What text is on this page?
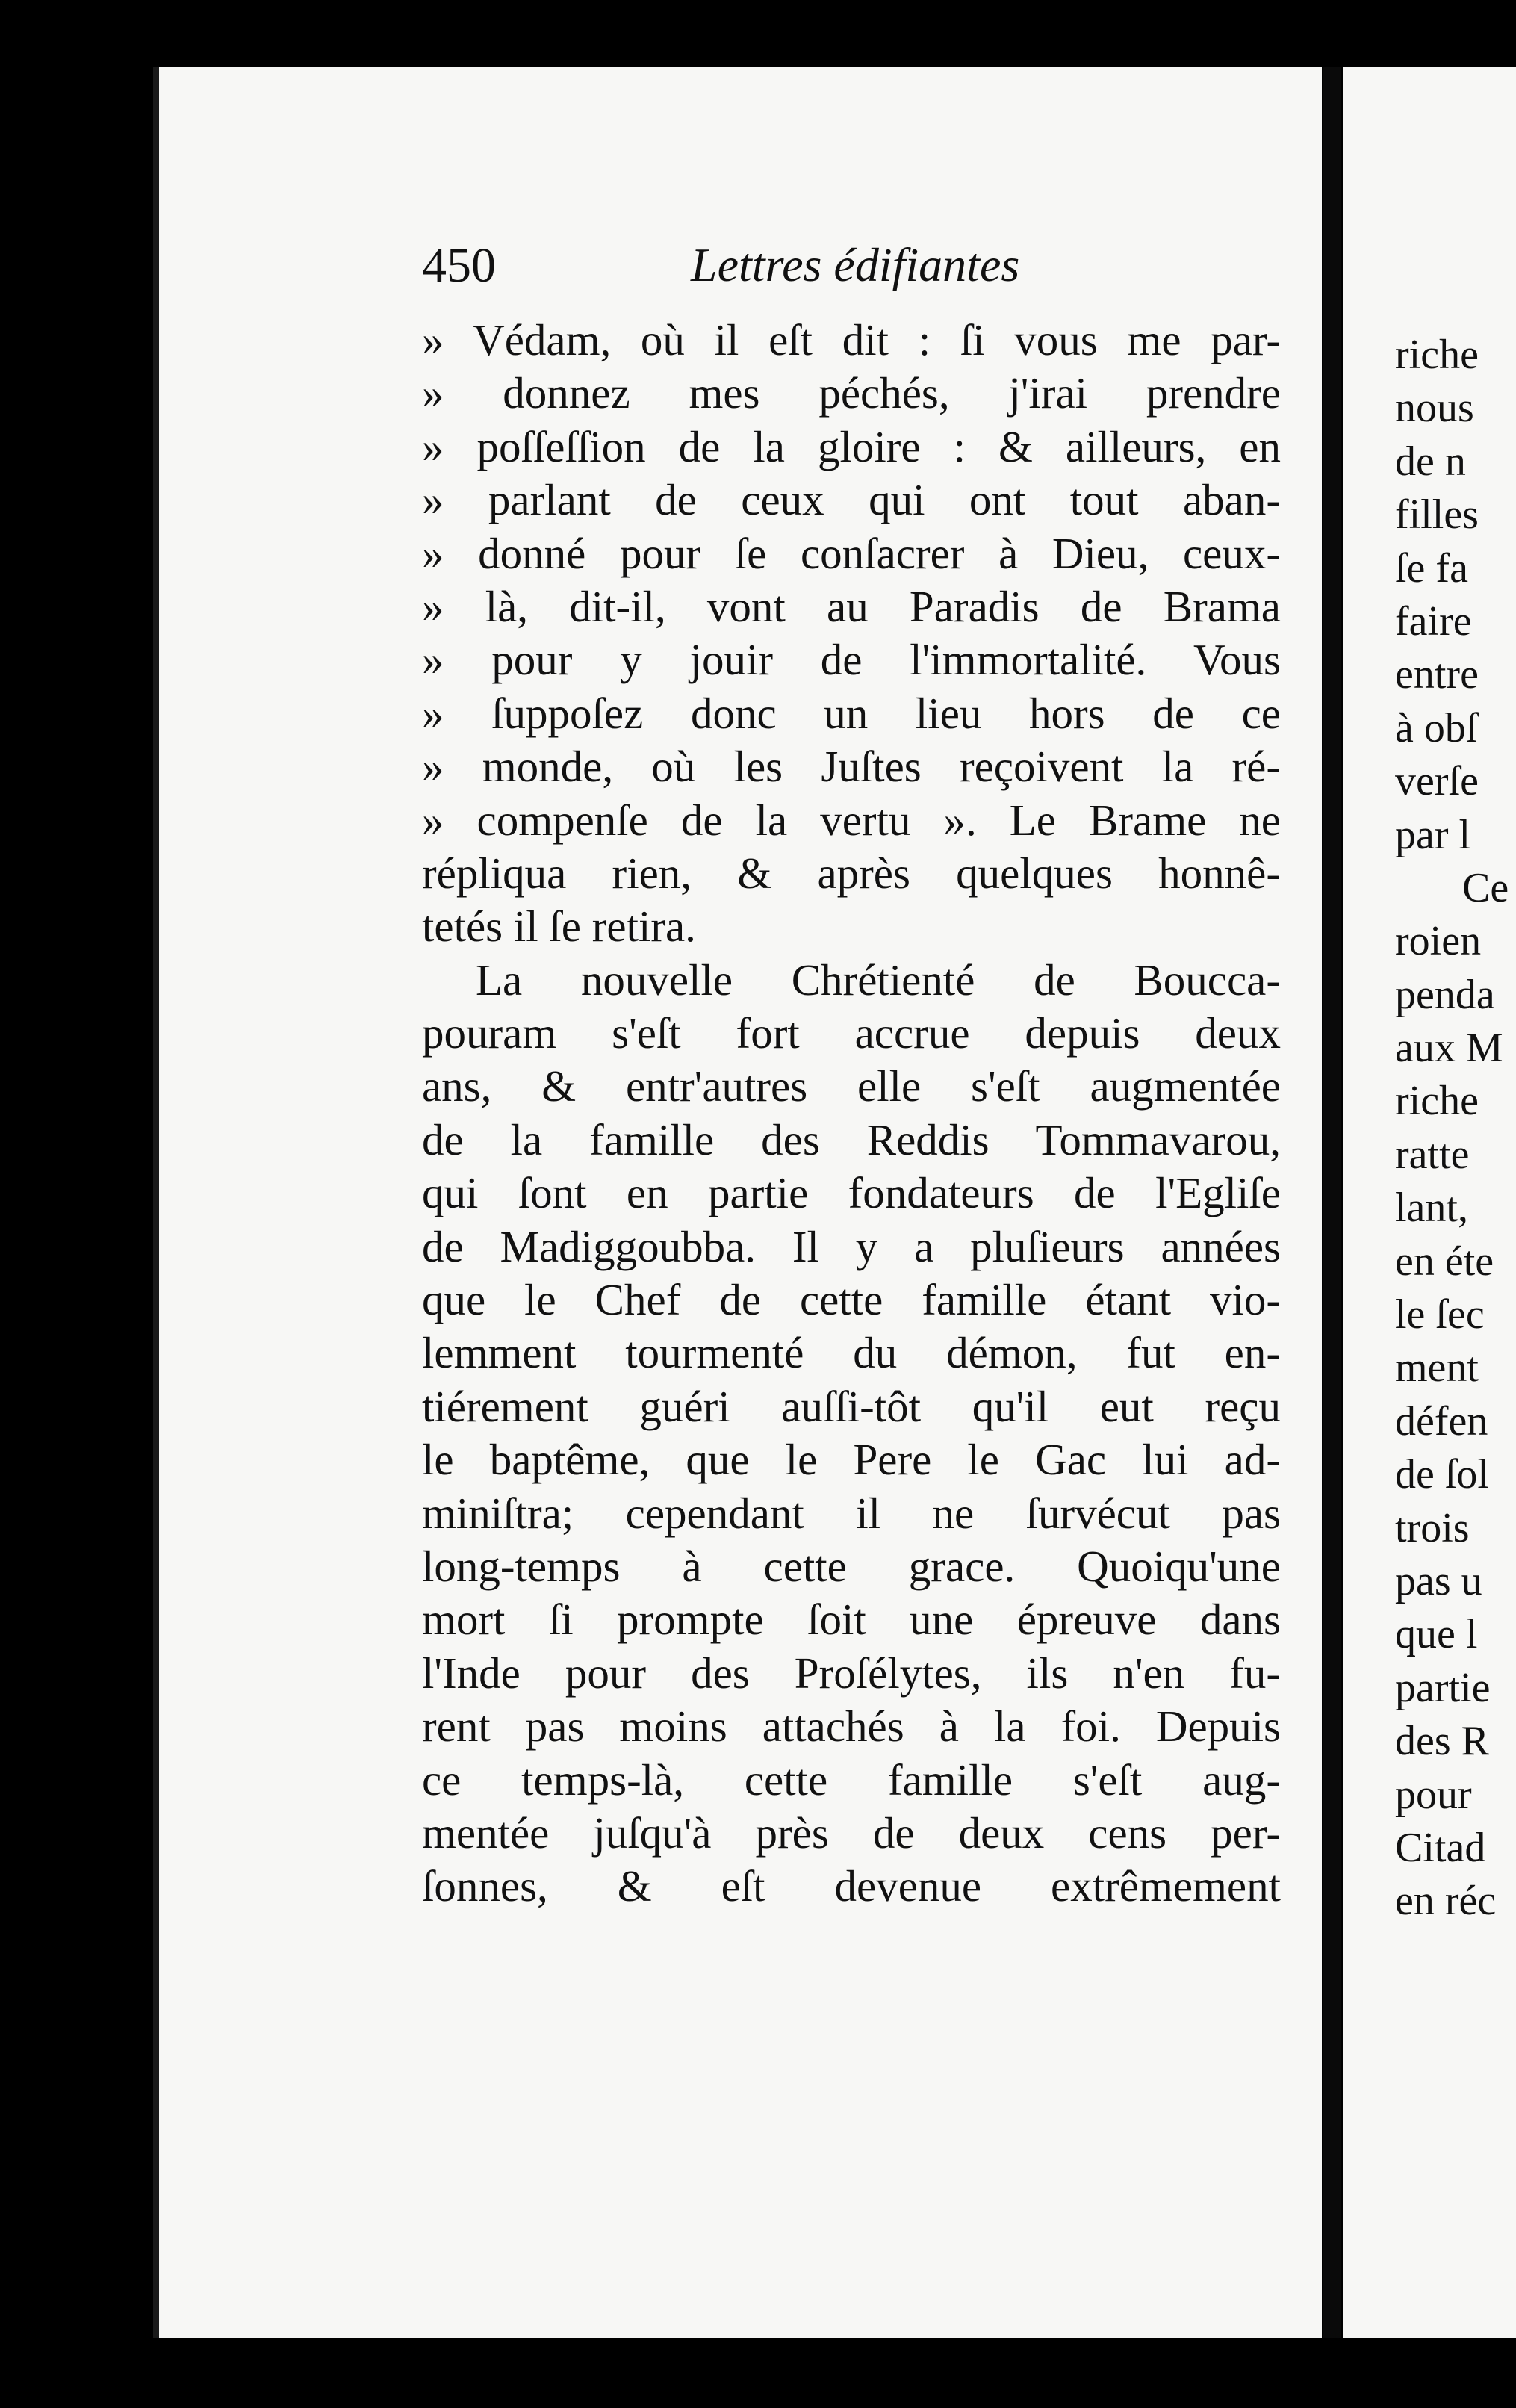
450	Lettres édifiantes
» Védam, où il eſt dit : ſi vous me par-
» donnez mes péchés, j'irai prendre
» poſſeſſion de la gloire : & ailleurs, en
» parlant de ceux qui ont tout aban-
» donné pour ſe conſacrer à Dieu, ceux-
» là, dit-il, vont au Paradis de Brama
» pour y jouir de l'immortalité. Vous
» ſuppoſez donc un lieu hors de ce
» monde, où les Juſtes reçoivent la ré-
» compenſe de la vertu ». Le Brame ne
répliqua rien, & après quelques honnê-
tetés il ſe retira.
La nouvelle Chrétienté de Boucca-
pouram s'eſt fort accrue depuis deux
ans, & entr'autres elle s'eſt augmentée
de la famille des Reddis Tommavarou,
qui ſont en partie fondateurs de l'Egliſe
de Madiggoubba. Il y a pluſieurs années
que le Chef de cette famille étant vio-
lemment tourmenté du démon, fut en-
tiérement guéri auſſi-tôt qu'il eut reçu
le baptême, que le Pere le Gac lui ad-
miniſtra; cependant il ne ſurvécut pas
long-temps à cette grace. Quoiqu'une
mort ſi prompte ſoit une épreuve dans
l'Inde pour des Proſélytes, ils n'en fu-
rent pas moins attachés à la foi. Depuis
ce temps-là, cette famille s'eſt aug-
mentée juſqu'à près de deux cens per-
ſonnes, & eſt devenue extrêmement
riche
nous
de n
filles
ſe fa
faire
entre
à obſ
verſe
par l
Ce
roien
penda
aux M
riche
ratte
lant,
en éte
le ſec
ment
défen
de ſol
trois
pas u
que l
partie
des R
pour
Citad
en réc
